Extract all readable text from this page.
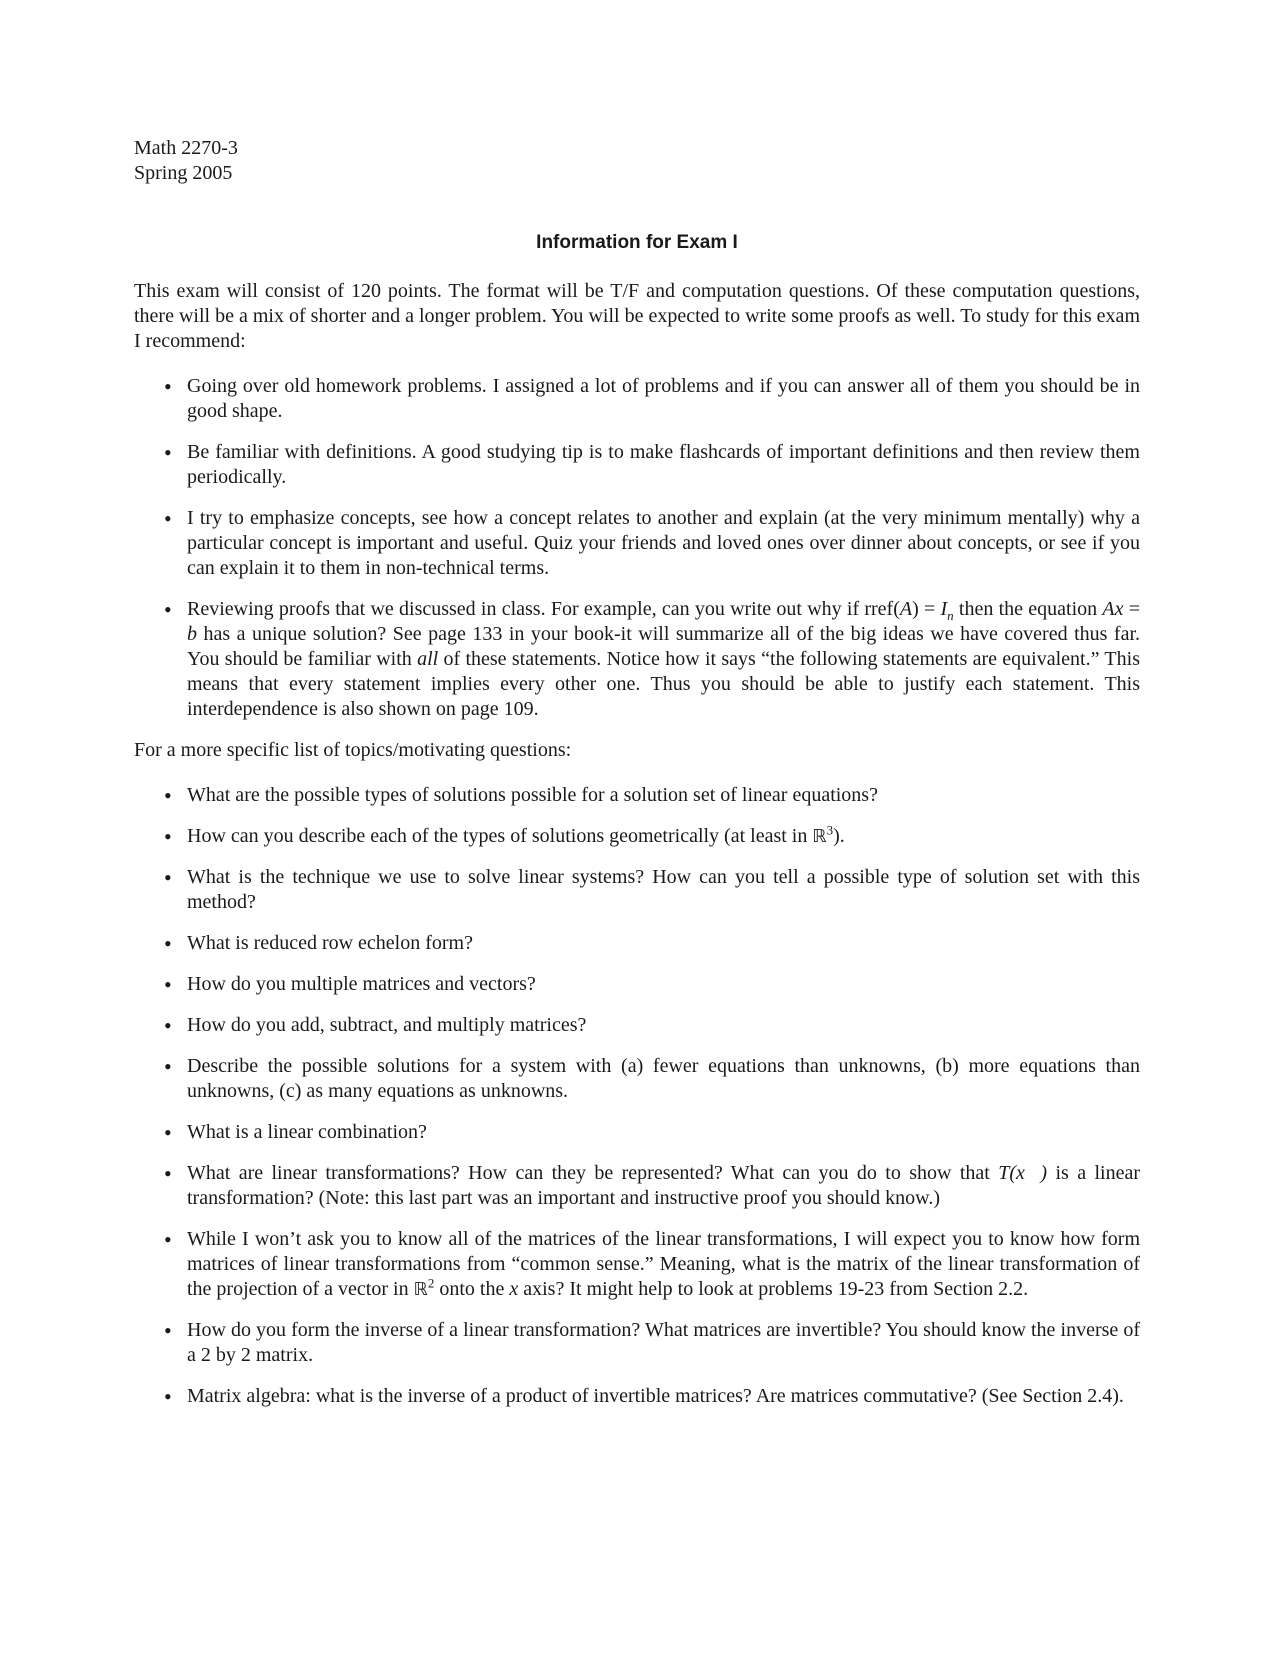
Math 2270-3
Spring 2005
Information for Exam I

This exam will consist of 120 points. The format will be T/F and computation questions. Of these computation questions, there will be a mix of shorter and a longer problem. You will be expected to write some proofs as well. To study for this exam I recommend:

• Going over old homework problems. I assigned a lot of problems and if you can answer all of them you should be in good shape.
• Be familiar with definitions. A good studying tip is to make flashcards of important definitions and then review them periodically.
• I try to emphasize concepts, see how a concept relates to another and explain (at the very minimum mentally) why a particular concept is important and useful. Quiz your friends and loved ones over dinner about concepts, or see if you can explain it to them in non-technical terms.
• Reviewing proofs that we discussed in class. For example, can you write out why if rref(A) = $I_n$ then the equation Ax = b has a unique solution? See page 133 in your book-it will summarize all of the big ideas we have covered thus far. You should be familiar with all of these statements. Notice how it says “the following statements are equivalent.” This means that every statement implies every other one. Thus you should be able to justify each statement. This interdependence is also shown on page 109.

For a more specific list of topics/motivating questions:

• What are the possible types of solutions possible for a solution set of linear equations?
• How can you describe each of the types of solutions geometrically (at least in ℝ$^3$).
• What is the technique we use to solve linear systems? How can you tell a possible type of solution set with this method?
• What is reduced row echelon form?
• How do you multiple matrices and vectors?
• How do you add, subtract, and multiply matrices?
• Describe the possible solutions for a system with (a) fewer equations than unknowns, (b) more equations than unknowns, (c) as many equations as unknowns.
• What is a linear combination?
• What are linear transformations? How can they be represented? What can you do to show that T(x⃗) is a linear transformation? (Note: this last part was an important and instructive proof you should know.)
• While I won’t ask you to know all of the matrices of the linear transformations, I will expect you to know how form matrices of linear transformations from “common sense.” Meaning, what is the matrix of the linear transformation of the projection of a vector in ℝ$^2$ onto the x axis? It might help to look at problems 19-23 from Section 2.2.
• How do you form the inverse of a linear transformation? What matrices are invertible? You should know the inverse of a 2 by 2 matrix.
• Matrix algebra: what is the inverse of a product of invertible matrices? Are matrices commutative? (See Section 2.4).
